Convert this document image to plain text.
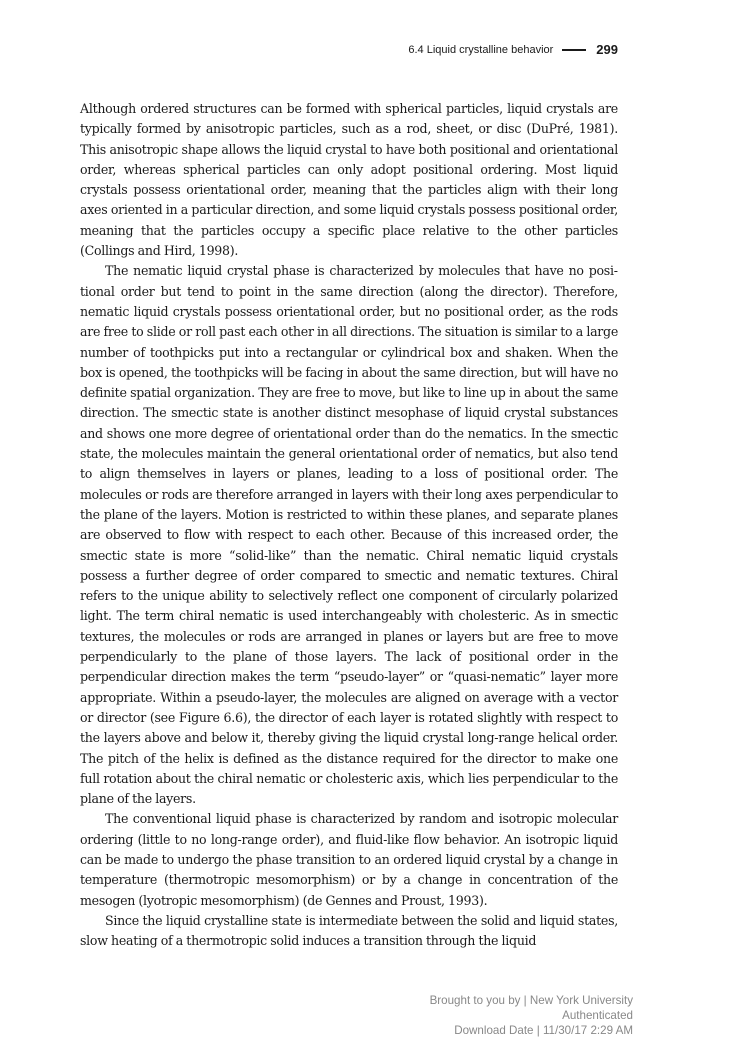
6.4 Liquid crystalline behavior	299

Although ordered structures can be formed with spherical particles, liquid crystals are typically formed by anisotropic particles, such as a rod, sheet, or disc (DuPré, 1981). This anisotropic shape allows the liquid crystal to have both positional and orientational order, whereas spherical particles can only adopt positional ordering. Most liquid crystals possess orientational order, meaning that the particles align with their long axes oriented in a particular direction, and some liquid crystals possess positional order, meaning that the particles occupy a specific place relative to the other particles (Collings and Hird, 1998).

The nematic liquid crystal phase is characterized by molecules that have no positional order but tend to point in the same direction (along the director). Therefore, nematic liquid crystals possess orientational order, but no positional order, as the rods are free to slide or roll past each other in all directions. The situation is similar to a large number of toothpicks put into a rectangular or cylindrical box and shaken. When the box is opened, the toothpicks will be facing in about the same direction, but will have no definite spatial organization. They are free to move, but like to line up in about the same direction. The smectic state is another distinct mesophase of liquid crystal substances and shows one more degree of orientational order than do the nematics. In the smectic state, the molecules maintain the general orientational order of nematics, but also tend to align themselves in layers or planes, leading to a loss of positional order. The molecules or rods are therefore arranged in layers with their long axes perpendicular to the plane of the layers. Motion is restricted to within these planes, and separate planes are observed to flow with respect to each other. Because of this increased order, the smectic state is more “solid-like” than the nematic. Chiral nematic liquid crystals possess a further degree of order compared to smectic and nematic textures. Chiral refers to the unique ability to selectively reflect one component of circularly polarized light. The term chiral nematic is used interchangeably with cholesteric. As in smectic textures, the molecules or rods are arranged in planes or layers but are free to move perpendicularly to the plane of those layers. The lack of positional order in the perpendicular direction makes the term “pseudo-layer” or “quasi-nematic” layer more appropriate. Within a pseudo-layer, the molecules are aligned on average with a vector or director (see Figure 6.6), the director of each layer is rotated slightly with respect to the layers above and below it, thereby giving the liquid crystal long-range helical order. The pitch of the helix is defined as the distance required for the director to make one full rotation about the chiral nematic or cholesteric axis, which lies perpendicular to the plane of the layers.

The conventional liquid phase is characterized by random and isotropic molecular ordering (little to no long-range order), and fluid-like flow behavior. An isotropic liquid can be made to undergo the phase transition to an ordered liquid crystal by a change in temperature (thermotropic mesomorphism) or by a change in concentration of the mesogen (lyotropic mesomorphism) (de Gennes and Proust, 1993).

Since the liquid crystalline state is intermediate between the solid and liquid states, slow heating of a thermotropic solid induces a transition through the liquid

Brought to you by | New York University
Authenticated
Download Date | 11/30/17 2:29 AM
